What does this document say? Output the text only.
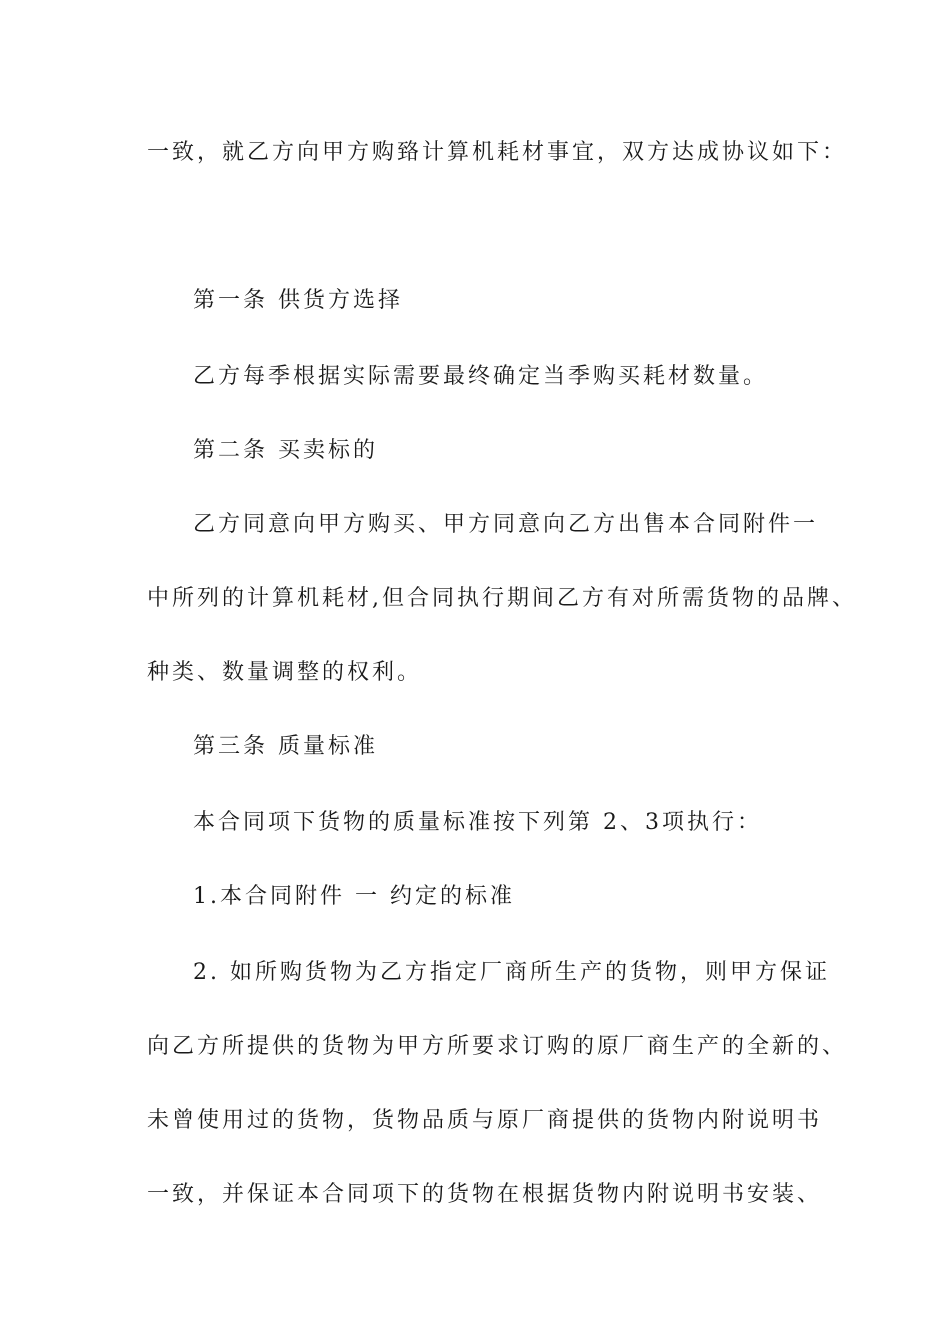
一致，就乙方向甲方购臵计算机耗材事宜，双方达成协议如下：
第一条 供货方选择
乙方每季根据实际需要最终确定当季购买耗材数量。
第二条 买卖标的
乙方同意向甲方购买、甲方同意向乙方出售本合同附件一
中所列的计算机耗材,但合同执行期间乙方有对所需货物的品牌、
种类、数量调整的权利。
第三条 质量标准
本合同项下货物的质量标准按下列第 2、3项执行：
1.本合同附件 一 约定的标准
2. 如所购货物为乙方指定厂商所生产的货物，则甲方保证
向乙方所提供的货物为甲方所要求订购的原厂商生产的全新的、
未曾使用过的货物，货物品质与原厂商提供的货物内附说明书
一致，并保证本合同项下的货物在根据货物内附说明书安装、
